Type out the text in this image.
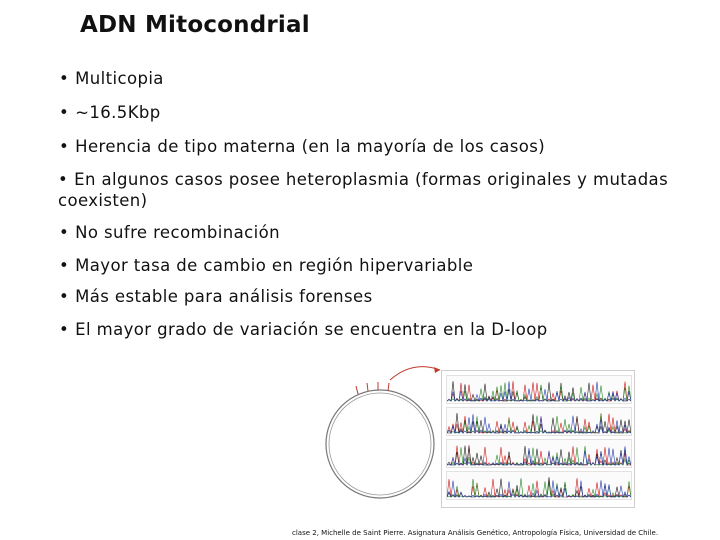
ADN Mitocondrial
• Multicopia
• ~16.5Kbp
• Herencia de tipo materna (en la mayoría de los casos)
• En algunos casos posee heteroplasmia (formas originales y mutadas coexisten)
• No sufre recombinación
• Mayor tasa de cambio en región hipervariable
• Más estable para análisis forenses
• El mayor grado de variación se encuentra en la D-loop
clase 2, Michelle de Saint Pierre. Asignatura Análisis Genético, Antropología Física, Universidad de Chile.
